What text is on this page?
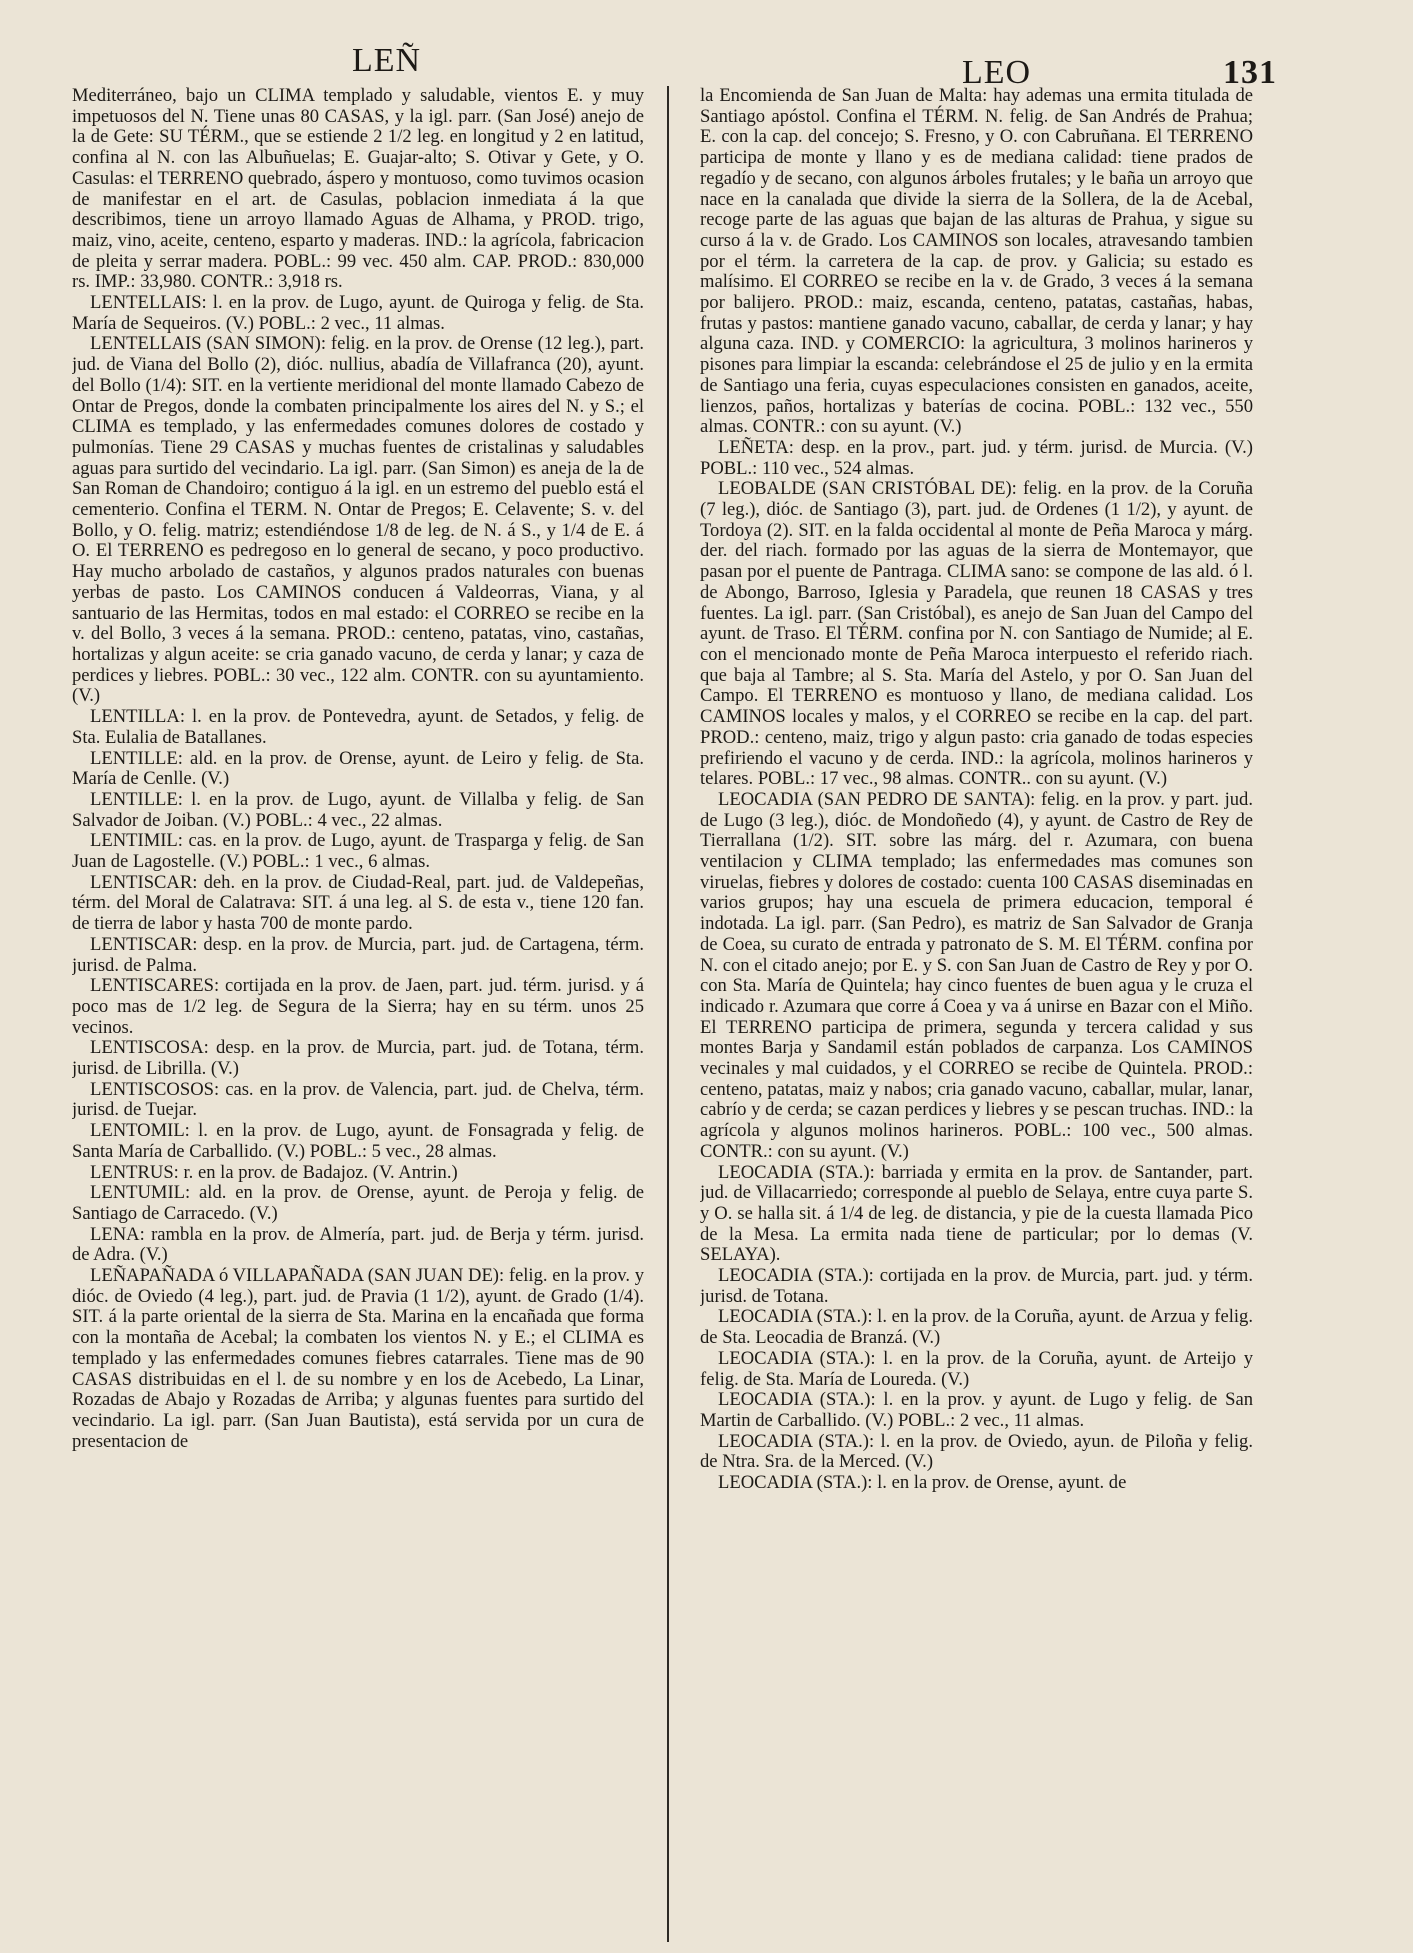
LEÑ	LEO	131

Mediterráneo, bajo un CLIMA templado y saludable, vientos E. y muy impetuosos del N. Tiene unas 80 CASAS, y la igl. parr. (San José) anejo de la de Gete: SU TÉRM., que se estiende 2 1/2 leg. en longitud y 2 en latitud, confina al N. con las Albuñuelas; E. Guajar-alto; S. Otivar y Gete, y O. Casulas: el TERRENO quebrado, áspero y montuoso, como tuvimos ocasion de manifestar en el art. de Casulas, poblacion inmediata á la que describimos, tiene un arroyo llamado Aguas de Alhama, y PROD. trigo, maiz, vino, aceite, centeno, esparto y maderas. IND.: la agrícola, fabricacion de pleita y serrar madera. POBL.: 99 vec. 450 alm. CAP. PROD.: 830,000 rs. IMP.: 33,980. CONTR.: 3,918 rs.

LENTELLAIS: l. en la prov. de Lugo, ayunt. de Quiroga y felig. de Sta. María de Sequeiros. (V.) POBL.: 2 vec., 11 almas.

LENTELLAIS (SAN SIMON): felig. en la prov. de Orense (12 leg.), part. jud. de Viana del Bollo (2), dióc. nullius, abadía de Villafranca (20), ayunt. del Bollo (1/4): SIT. en la vertiente meridional del monte llamado Cabezo de Ontar de Pregos, donde la combaten principalmente los aires del N. y S.; el CLIMA es templado, y las enfermedades comunes dolores de costado y pulmonías. Tiene 29 CASAS y muchas fuentes de cristalinas y saludables aguas para surtido del vecindario. La igl. parr. (San Simon) es aneja de la de San Roman de Chandoiro; contiguo á la igl. en un estremo del pueblo está el cementerio. Confina el TERM. N. Ontar de Pregos; E. Celavente; S. v. del Bollo, y O. felig. matriz; estendiéndose 1/8 de leg. de N. á S., y 1/4 de E. á O. El TERRENO es pedregoso en lo general de secano, y poco productivo. Hay mucho arbolado de castaños, y algunos prados naturales con buenas yerbas de pasto. Los CAMINOS conducen á Valdeorras, Viana, y al santuario de las Hermitas, todos en mal estado: el CORREO se recibe en la v. del Bollo, 3 veces á la semana. PROD.: centeno, patatas, vino, castañas, hortalizas y algun aceite: se cria ganado vacuno, de cerda y lanar; y caza de perdices y liebres. POBL.: 30 vec., 122 alm. CONTR. con su ayuntamiento. (V.)

LENTILLA: l. en la prov. de Pontevedra, ayunt. de Setados, y felig. de Sta. Eulalia de Batallanes.

LENTILLE: ald. en la prov. de Orense, ayunt. de Leiro y felig. de Sta. María de Cenlle. (V.)

LENTILLE: l. en la prov. de Lugo, ayunt. de Villalba y felig. de San Salvador de Joiban. (V.) POBL.: 4 vec., 22 almas.

LENTIMIL: cas. en la prov. de Lugo, ayunt. de Trasparga y felig. de San Juan de Lagostelle. (V.) POBL.: 1 vec., 6 almas.

LENTISCAR: deh. en la prov. de Ciudad-Real, part. jud. de Valdepeñas, térm. del Moral de Calatrava: SIT. á una leg. al S. de esta v., tiene 120 fan. de tierra de labor y hasta 700 de monte pardo.

LENTISCAR: desp. en la prov. de Murcia, part. jud. de Cartagena, térm. jurisd. de Palma.

LENTISCARES: cortijada en la prov. de Jaen, part. jud. térm. jurisd. y á poco mas de 1/2 leg. de Segura de la Sierra; hay en su térm. unos 25 vecinos.

LENTISCOSA: desp. en la prov. de Murcia, part. jud. de Totana, térm. jurisd. de Librilla. (V.)

LENTISCOSOS: cas. en la prov. de Valencia, part. jud. de Chelva, térm. jurisd. de Tuejar.

LENTOMIL: l. en la prov. de Lugo, ayunt. de Fonsagrada y felig. de Santa María de Carballido. (V.) POBL.: 5 vec., 28 almas.

LENTRUS: r. en la prov. de Badajoz. (V. Antrin.)

LENTUMIL: ald. en la prov. de Orense, ayunt. de Peroja y felig. de Santiago de Carracedo. (V.)

LENA: rambla en la prov. de Almería, part. jud. de Berja y térm. jurisd. de Adra. (V.)

LEÑAPAÑADA ó VILLAPAÑADA (SAN JUAN DE): felig. en la prov. y dióc. de Oviedo (4 leg.), part. jud. de Pravia (1 1/2), ayunt. de Grado (1/4). SIT. á la parte oriental de la sierra de Sta. Marina en la encañada que forma con la montaña de Acebal; la combaten los vientos N. y E.; el CLIMA es templado y las enfermedades comunes fiebres catarrales. Tiene mas de 90 CASAS distribuidas en el l. de su nombre y en los de Acebedo, La Linar, Rozadas de Abajo y Rozadas de Arriba; y algunas fuentes para surtido del vecindario. La igl. parr. (San Juan Bautista), está servida por un cura de presentacion de

la Encomienda de San Juan de Malta: hay ademas una ermita titulada de Santiago apóstol. Confina el TÉRM. N. felig. de San Andrés de Prahua; E. con la cap. del concejo; S. Fresno, y O. con Cabruñana. El TERRENO participa de monte y llano y es de mediana calidad: tiene prados de regadío y de secano, con algunos árboles frutales; y le baña un arroyo que nace en la canalada que divide la sierra de la Sollera, de la de Acebal, recoge parte de las aguas que bajan de las alturas de Prahua, y sigue su curso á la v. de Grado. Los CAMINOS son locales, atravesando tambien por el térm. la carretera de la cap. de prov. y Galicia; su estado es malísimo. El CORREO se recibe en la v. de Grado, 3 veces á la semana por balijero. PROD.: maiz, escanda, centeno, patatas, castañas, habas, frutas y pastos: mantiene ganado vacuno, caballar, de cerda y lanar; y hay alguna caza. IND. y COMERCIO: la agricultura, 3 molinos harineros y pisones para limpiar la escanda: celebrándose el 25 de julio y en la ermita de Santiago una feria, cuyas especulaciones consisten en ganados, aceite, lienzos, paños, hortalizas y baterías de cocina. POBL.: 132 vec., 550 almas. CONTR.: con su ayunt. (V.)

LEÑETA: desp. en la prov., part. jud. y térm. jurisd. de Murcia. (V.) POBL.: 110 vec., 524 almas.

LEOBALDE (SAN CRISTÓBAL DE): felig. en la prov. de la Coruña (7 leg.), dióc. de Santiago (3), part. jud. de Ordenes (1 1/2), y ayunt. de Tordoya (2). SIT. en la falda occidental al monte de Peña Maroca y márg. der. del riach. formado por las aguas de la sierra de Montemayor, que pasan por el puente de Pantraga. CLIMA sano: se compone de las ald. ó l. de Abongo, Barroso, Iglesia y Paradela, que reunen 18 CASAS y tres fuentes. La igl. parr. (San Cristóbal), es anejo de San Juan del Campo del ayunt. de Traso. El TÉRM. confina por N. con Santiago de Numide; al E. con el mencionado monte de Peña Maroca interpuesto el referido riach. que baja al Tambre; al S. Sta. María del Astelo, y por O. San Juan del Campo. El TERRENO es montuoso y llano, de mediana calidad. Los CAMINOS locales y malos, y el CORREO se recibe en la cap. del part. PROD.: centeno, maiz, trigo y algun pasto: cria ganado de todas especies prefiriendo el vacuno y de cerda. IND.: la agrícola, molinos harineros y telares. POBL.: 17 vec., 98 almas. CONTR.. con su ayunt. (V.)

LEOCADIA (SAN PEDRO DE SANTA): felig. en la prov. y part. jud. de Lugo (3 leg.), dióc. de Mondoñedo (4), y ayunt. de Castro de Rey de Tierrallana (1/2). SIT. sobre las márg. del r. Azumara, con buena ventilacion y CLIMA templado; las enfermedades mas comunes son viruelas, fiebres y dolores de costado: cuenta 100 CASAS diseminadas en varios grupos; hay una escuela de primera educacion, temporal é indotada. La igl. parr. (San Pedro), es matriz de San Salvador de Granja de Coea, su curato de entrada y patronato de S. M. El TÉRM. confina por N. con el citado anejo; por E. y S. con San Juan de Castro de Rey y por O. con Sta. María de Quintela; hay cinco fuentes de buen agua y le cruza el indicado r. Azumara que corre á Coea y va á unirse en Bazar con el Miño. El TERRENO participa de primera, segunda y tercera calidad y sus montes Barja y Sandamil están poblados de carpanza. Los CAMINOS vecinales y mal cuidados, y el CORREO se recibe de Quintela. PROD.: centeno, patatas, maiz y nabos; cria ganado vacuno, caballar, mular, lanar, cabrío y de cerda; se cazan perdices y liebres y se pescan truchas. IND.: la agrícola y algunos molinos harineros. POBL.: 100 vec., 500 almas. CONTR.: con su ayunt. (V.)

LEOCADIA (STA.): barriada y ermita en la prov. de Santander, part. jud. de Villacarriedo; corresponde al pueblo de Selaya, entre cuya parte S. y O. se halla sit. á 1/4 de leg. de distancia, y pie de la cuesta llamada Pico de la Mesa. La ermita nada tiene de particular; por lo demas (V. SELAYA).

LEOCADIA (STA.): cortijada en la prov. de Murcia, part. jud. y térm. jurisd. de Totana.

LEOCADIA (STA.): l. en la prov. de la Coruña, ayunt. de Arzua y felig. de Sta. Leocadia de Branzá. (V.)

LEOCADIA (STA.): l. en la prov. de la Coruña, ayunt. de Arteijo y felig. de Sta. María de Loureda. (V.)

LEOCADIA (STA.): l. en la prov. y ayunt. de Lugo y felig. de San Martin de Carballido. (V.) POBL.: 2 vec., 11 almas.

LEOCADIA (STA.): l. en la prov. de Oviedo, ayun. de Piloña y felig. de Ntra. Sra. de la Merced. (V.)

LEOCADIA (STA.): l. en la prov. de Orense, ayunt. de
